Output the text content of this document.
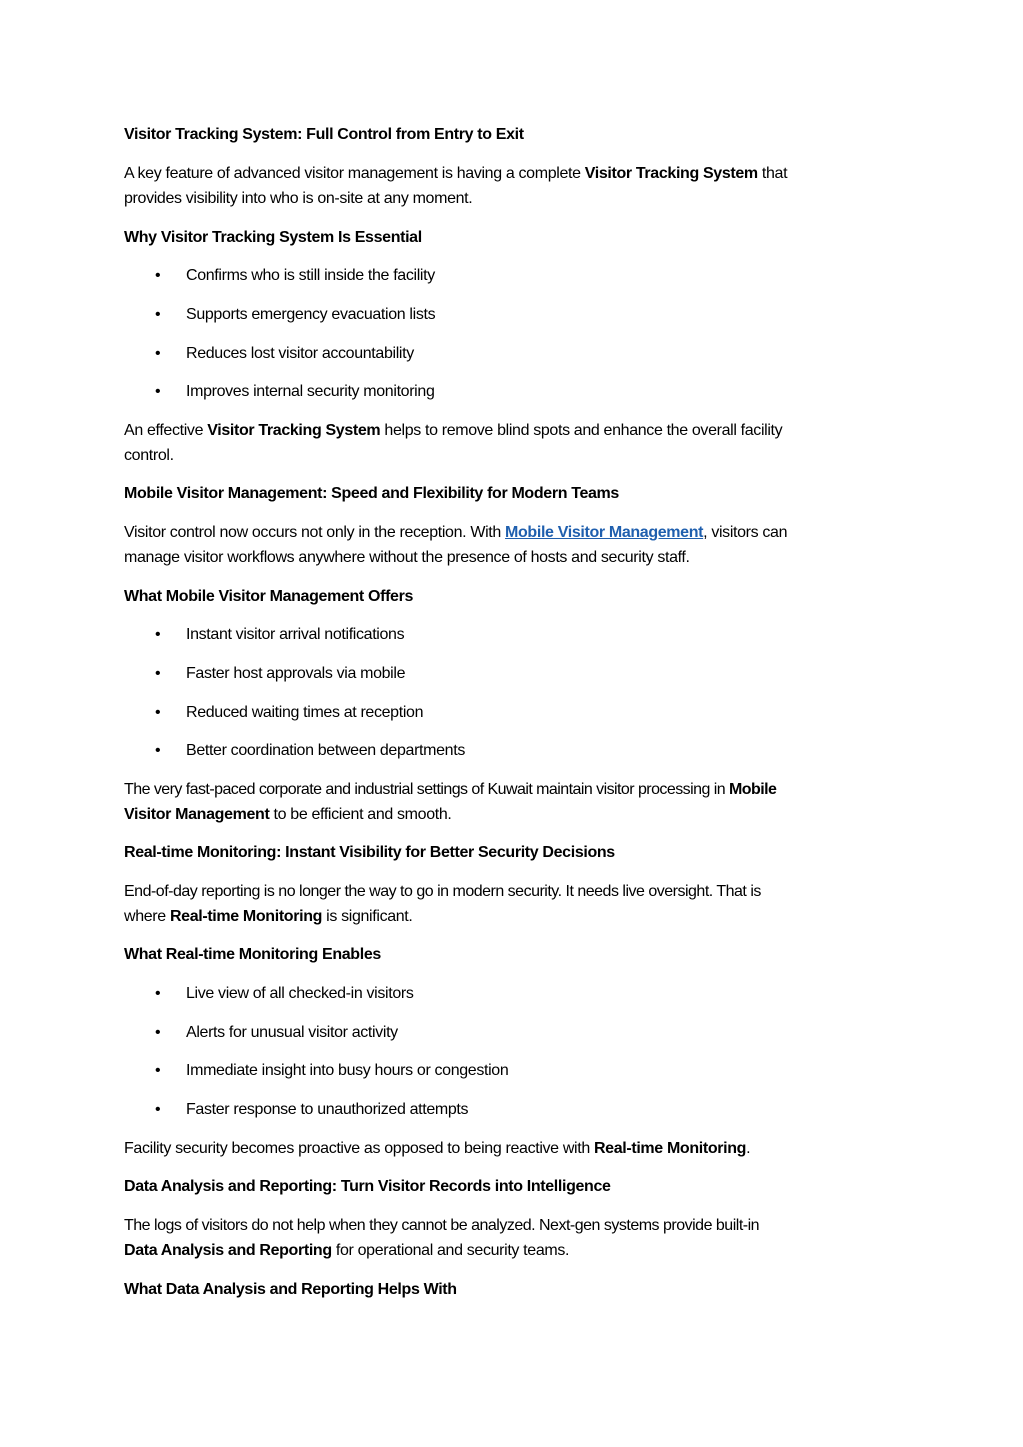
Visitor Tracking System: Full Control from Entry to Exit
A key feature of advanced visitor management is having a complete Visitor Tracking System that
provides visibility into who is on-site at any moment.
Why Visitor Tracking System Is Essential
• Confirms who is still inside the facility
• Supports emergency evacuation lists
• Reduces lost visitor accountability
• Improves internal security monitoring
An effective Visitor Tracking System helps to remove blind spots and enhance the overall facility
control.
Mobile Visitor Management: Speed and Flexibility for Modern Teams
Visitor control now occurs not only in the reception. With Mobile Visitor Management, visitors can
manage visitor workflows anywhere without the presence of hosts and security staff.
What Mobile Visitor Management Offers
• Instant visitor arrival notifications
• Faster host approvals via mobile
• Reduced waiting times at reception
• Better coordination between departments
The very fast-paced corporate and industrial settings of Kuwait maintain visitor processing in Mobile
Visitor Management to be efficient and smooth.
Real-time Monitoring: Instant Visibility for Better Security Decisions
End-of-day reporting is no longer the way to go in modern security. It needs live oversight. That is
where Real-time Monitoring is significant.
What Real-time Monitoring Enables
• Live view of all checked-in visitors
• Alerts for unusual visitor activity
• Immediate insight into busy hours or congestion
• Faster response to unauthorized attempts
Facility security becomes proactive as opposed to being reactive with Real-time Monitoring.
Data Analysis and Reporting: Turn Visitor Records into Intelligence
The logs of visitors do not help when they cannot be analyzed. Next-gen systems provide built-in
Data Analysis and Reporting for operational and security teams.
What Data Analysis and Reporting Helps With
